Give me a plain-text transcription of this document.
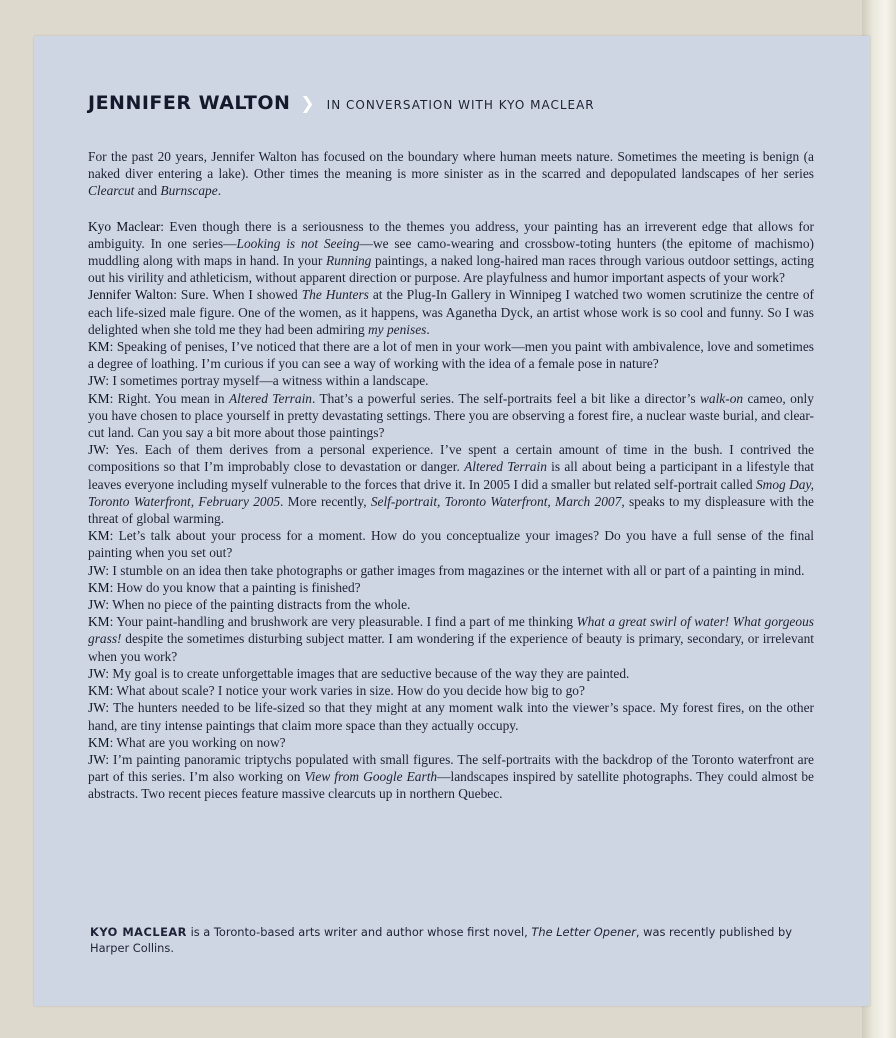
JENNIFER WALTON ❯ IN CONVERSATION WITH KYO MACLEAR

For the past 20 years, Jennifer Walton has focused on the boundary where human meets nature. Sometimes the meeting is benign (a naked diver entering a lake). Other times the meaning is more sinister as in the scarred and depopulated landscapes of her series Clearcut and Burnscape.

Kyo Maclear: Even though there is a seriousness to the themes you address, your painting has an irreverent edge that allows for ambiguity. In one series—Looking is not Seeing—we see camo-wearing and crossbow-toting hunters (the epitome of machismo) muddling along with maps in hand. In your Running paintings, a naked long-haired man races through various outdoor settings, acting out his virility and athleticism, without apparent direction or purpose. Are playfulness and humor important aspects of your work?

Jennifer Walton: Sure. When I showed The Hunters at the Plug-In Gallery in Winnipeg I watched two women scrutinize the centre of each life-sized male figure. One of the women, as it happens, was Aganetha Dyck, an artist whose work is so cool and funny. So I was delighted when she told me they had been admiring my penises.

KM: Speaking of penises, I’ve noticed that there are a lot of men in your work—men you paint with ambivalence, love and sometimes a degree of loathing. I’m curious if you can see a way of working with the idea of a female pose in nature?

JW: I sometimes portray myself—a witness within a landscape.

KM: Right. You mean in Altered Terrain. That’s a powerful series. The self-portraits feel a bit like a director’s walk-on cameo, only you have chosen to place yourself in pretty devastating settings. There you are observing a forest fire, a nuclear waste burial, and clear-cut land. Can you say a bit more about those paintings?

JW: Yes. Each of them derives from a personal experience. I’ve spent a certain amount of time in the bush. I contrived the compositions so that I’m improbably close to devastation or danger. Altered Terrain is all about being a participant in a lifestyle that leaves everyone including myself vulnerable to the forces that drive it. In 2005 I did a smaller but related self-portrait called Smog Day, Toronto Waterfront, February 2005. More recently, Self-portrait, Toronto Waterfront, March 2007, speaks to my displeasure with the threat of global warming.

KM: Let’s talk about your process for a moment. How do you conceptualize your images? Do you have a full sense of the final painting when you set out?

JW: I stumble on an idea then take photographs or gather images from magazines or the internet with all or part of a painting in mind.

KM: How do you know that a painting is finished?

JW: When no piece of the painting distracts from the whole.

KM: Your paint-handling and brushwork are very pleasurable. I find a part of me thinking What a great swirl of water! What gorgeous grass! despite the sometimes disturbing subject matter. I am wondering if the experience of beauty is primary, secondary, or irrelevant when you work?

JW: My goal is to create unforgettable images that are seductive because of the way they are painted.

KM: What about scale? I notice your work varies in size. How do you decide how big to go?

JW: The hunters needed to be life-sized so that they might at any moment walk into the viewer’s space. My forest fires, on the other hand, are tiny intense paintings that claim more space than they actually occupy.

KM: What are you working on now?

JW: I’m painting panoramic triptychs populated with small figures. The self-portraits with the backdrop of the Toronto waterfront are part of this series. I’m also working on View from Google Earth—landscapes inspired by satellite photographs. They could almost be abstracts. Two recent pieces feature massive clearcuts up in northern Quebec.

KYO MACLEAR is a Toronto-based arts writer and author whose first novel, The Letter Opener, was recently published by Harper Collins.
